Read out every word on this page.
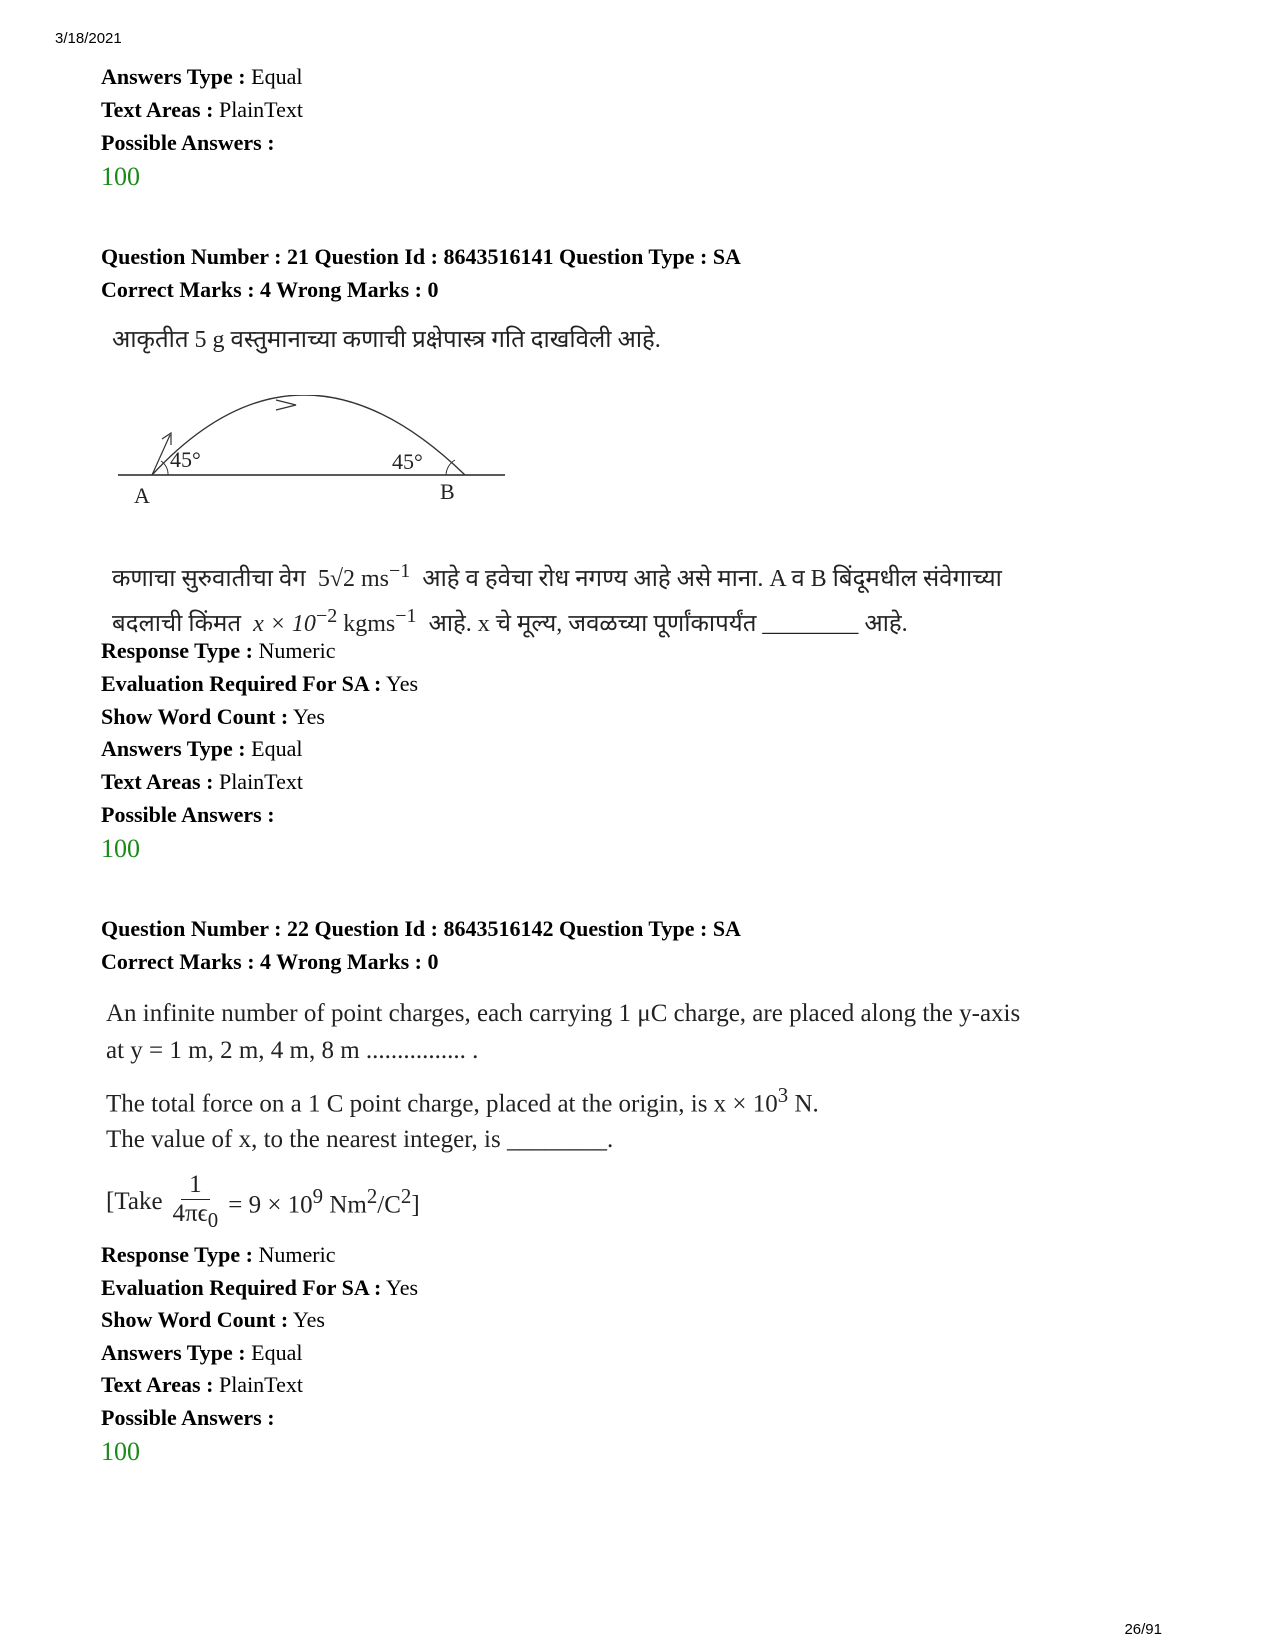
3/18/2021
Answers Type : Equal
Text Areas : PlainText
Possible Answers :
100
Question Number : 21 Question Id : 8643516141 Question Type : SA
Correct Marks : 4 Wrong Marks : 0
आकृतीत 5 g वस्तुमानाच्या कणाची प्रक्षेपास्त्र गति दाखविली आहे.
45°	45°
A	B
कणाचा सुरुवातीचा वेग 5√2 $ms^{-1}$ आहे व हवेचा रोध नगण्य आहे असे माना. A व B बिंदूमधील संवेगाच्या
बदलाची किंमत $x \times 10^{-2}$ kgms$^{-1}$ आहे. x चे मूल्य, जवळच्या पूर्णांकापर्यंत ________ आहे.
Response Type : Numeric
Evaluation Required For SA : Yes
Show Word Count : Yes
Answers Type : Equal
Text Areas : PlainText
Possible Answers :
100
Question Number : 22 Question Id : 8643516142 Question Type : SA
Correct Marks : 4 Wrong Marks : 0
An infinite number of point charges, each carrying 1 μC charge, are placed along the y-axis
at y = 1 m, 2 m, 4 m, 8 m ................ .
The total force on a 1 C point charge, placed at the origin, is $x \times 10^3$ N.
The value of x, to the nearest integer, is ________.
[Take $\frac{1}{4\pi\epsilon_0} = 9 \times 10^9$ $Nm^2/C^2$]
Response Type : Numeric
Evaluation Required For SA : Yes
Show Word Count : Yes
Answers Type : Equal
Text Areas : PlainText
Possible Answers :
100
26/91
